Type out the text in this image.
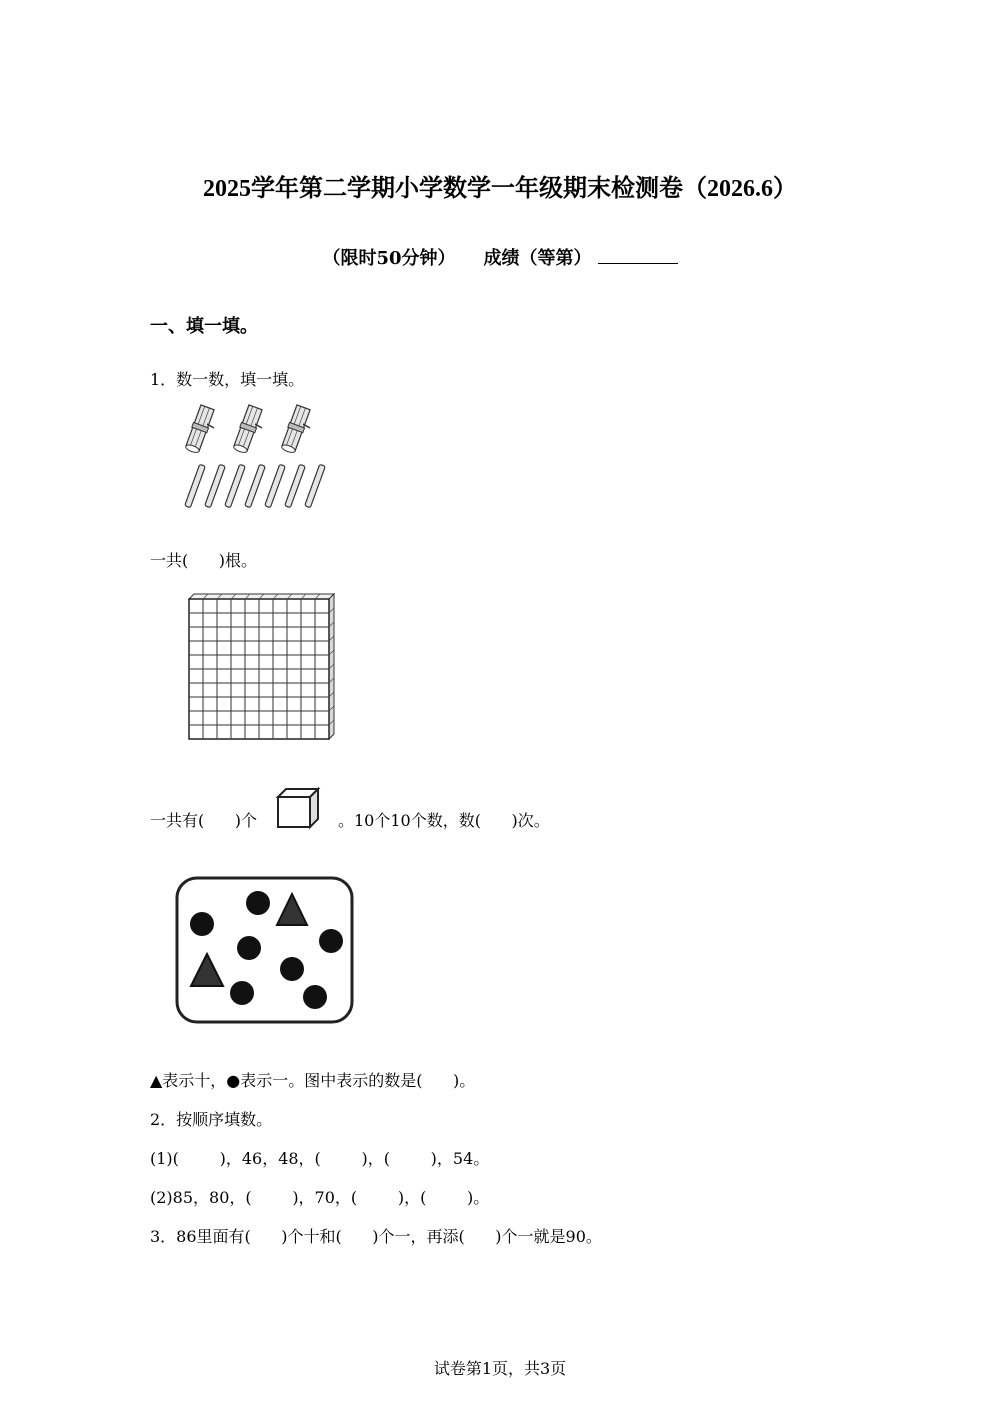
2025学年第二学期小学数学一年级期末检测卷（2026.6）
（限时50分钟） 成绩（等第）
一、填一填。
1．数一数，填一填。
一共(      )根。
一共有(      )个	。10个10个数，数(      )次。
▲表示十，●表示一。图中表示的数是(      )。
2．按顺序填数。
(1)(        )，46，48，(        )，(        )，54。
(2)85，80，(        )，70，(        )，(        )。
3．86里面有(      )个十和(      )个一，再添(      )个一就是90。
试卷第1页，共3页
